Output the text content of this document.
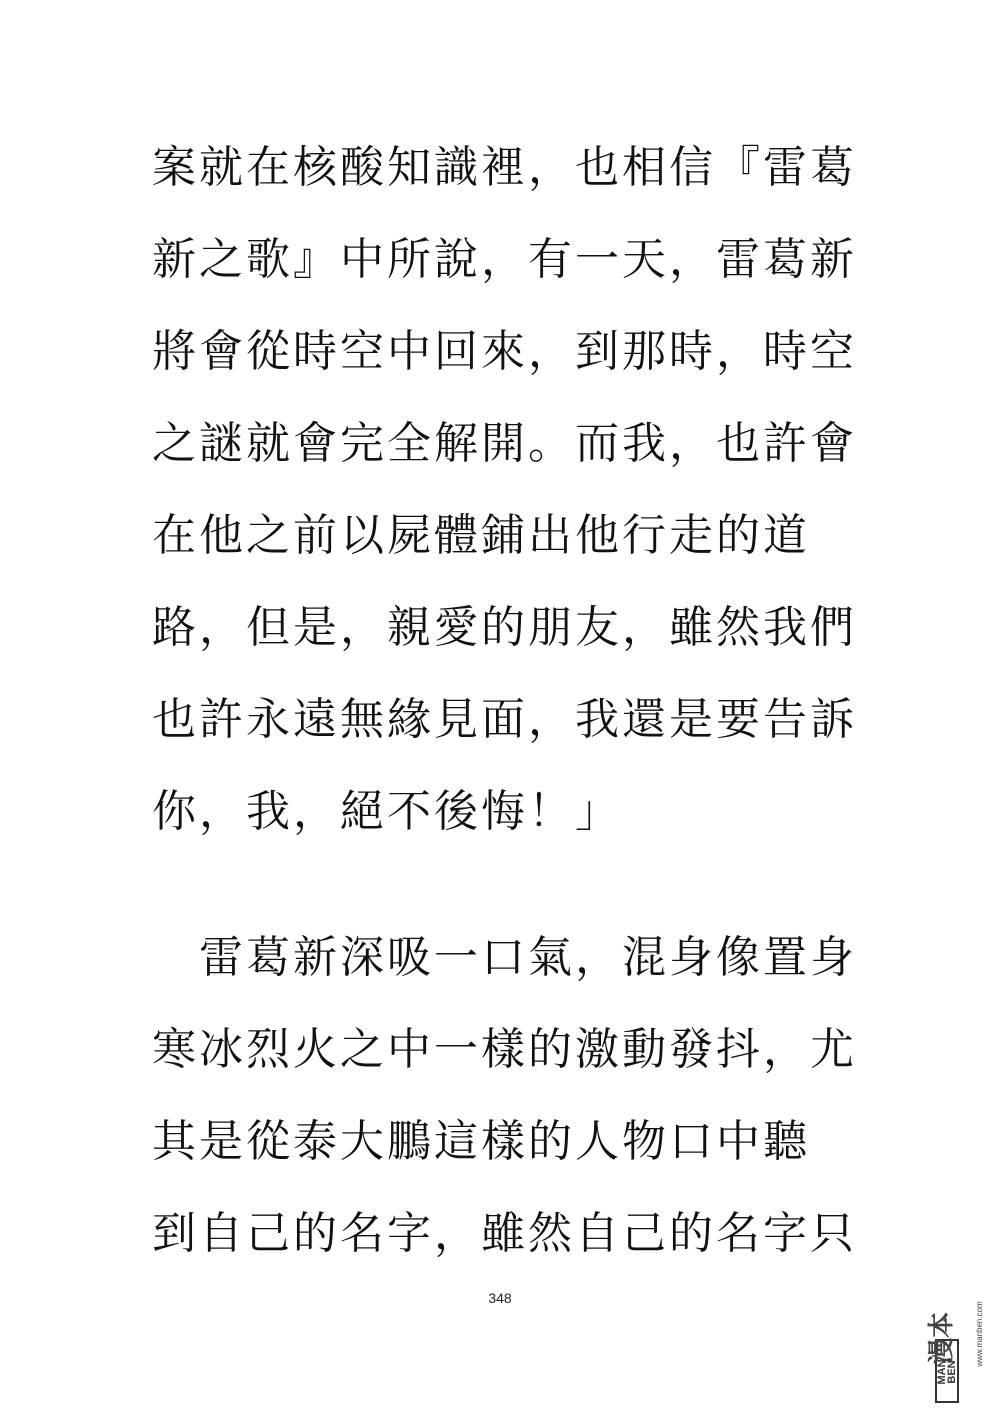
案就在核酸知識裡，也相信『雷葛
新之歌』中所說，有一天，雷葛新
將會從時空中回來，到那時，時空
之謎就會完全解開。而我，也許會
在他之前以屍體鋪出他行走的道
路，但是，親愛的朋友，雖然我們
也許永遠無緣見面，我還是要告訴
你，我，絕不後悔！」
　雷葛新深吸一口氣，混身像置身
寒冰烈火之中一樣的激動發抖，尤
其是從泰大鵬這樣的人物口中聽
到自己的名字，雖然自己的名字只
348
MAN
BEN
漫本 www.manben.com
